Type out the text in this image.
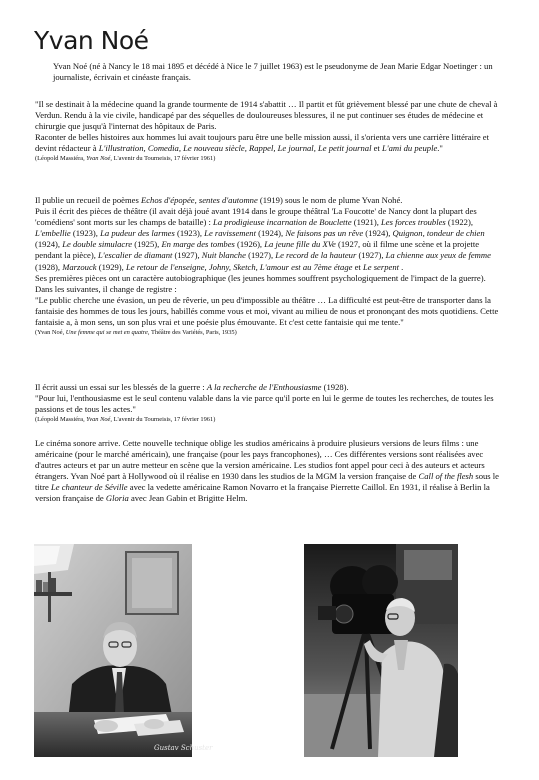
Yvan Noé

Yvan Noé (né à Nancy le 18 mai 1895 et décédé à Nice le 7 juillet 1963) est le pseudonyme de Jean Marie Edgar Noetinger : un journaliste, écrivain et cinéaste français.

"Il se destinait à la médecine quand la grande tourmente de 1914 s'abattit … Il partit et fût grièvement blessé par une chute de cheval à Verdun. Rendu à la vie civile, handicapé par des séquelles de douloureuses blessures, il ne put continuer ses études de médecine et chirurgie que jusqu'à l'internat des hôpitaux de Paris.

Raconter de belles histoires aux hommes lui avait toujours paru être une belle mission aussi, il s'orienta vers une carrière littéraire et devint rédacteur à L'illustration, Comedia, Le nouveau siècle, Rappel, Le journal, Le petit journal et L'ami du peuple."

(Léopold Massiéra, Yvan Noé, L'avenir du Tourneisis, 17 février 1961)

Il publie un recueil de poèmes Echos d'épopée, sentes d'automne (1919) sous le nom de plume Yvan Nohé.

Puis il écrit des pièces de théâtre (il avait déjà joué avant 1914 dans le groupe théâtral 'La Foucotte' de Nancy dont la plupart des 'comédiens' sont morts sur les champs de bataille) : La prodigieuse incarnation de Bouclette (1921), Les forces troubles (1922), L'embellie (1923), La pudeur des larmes (1923), Le ravissement (1924), Ne faisons pas un rêve (1924), Quignon, tondeur de chien (1924), Le double simulacre (1925), En marge des tombes (1926), La jeune fille du XVe (1927, où il filme une scène et la projette pendant la pièce), L'escalier de diamant (1927), Nuit blanche (1927), Le record de la hauteur (1927), La chienne aux yeux de femme (1928), Marzouck (1929), Le retour de l'enseigne, Johny, Sketch, L'amour est au 7ème étage et Le serpent .

Ses premières pièces ont un caractère autobiographique (les jeunes hommes souffrent psychologiquement de l'impact de la guerre). Dans les suivantes, il change de registre :

"Le public cherche une évasion, un peu de rêverie, un peu d'impossible au théâtre … La difficulté est peut-être de transporter dans la fantaisie des hommes de tous les jours, habillés comme vous et moi, vivant au milieu de nous et prononçant des mots quotidiens. Cette fantaisie a, à mon sens, un son plus vrai et une poésie plus émouvante. Et c'est cette fantaisie qui me tente."

(Yvan Noé, Une femme qui se met en quatre, Théâtre des Variétés, Paris, 1935)

Il écrit aussi un essai sur les blessés de la guerre : A la recherche de l'Enthousiasme (1928).

"Pour lui, l'enthousiasme est le seul contenu valable dans la vie parce qu'il porte en lui le germe de toutes les recherches, de toutes les passions et de tous les actes."

(Léopold Massiéra, Yvan Noé, L'avenir du Tourneisis, 17 février 1961)

Le cinéma sonore arrive. Cette nouvelle technique oblige les studios américains à produire plusieurs versions de leurs films : une américaine (pour le marché américain), une française (pour les pays francophones), … Ces différentes versions sont réalisées avec d'autres acteurs et par un autre metteur en scène que la version américaine. Les studios font appel pour ceci à des auteurs et acteurs étrangers. Yvan Noé part à Hollywood où il réalise en 1930 dans les studios de la MGM la version française de Call of the flesh sous le titre Le chanteur de Séville avec la vedette américaine Ramon Novarro et la française Pierrette Caillol. En 1931, il réalise à Berlin la version française de Gloria avec Jean Gabin et Brigitte Helm.

Gustav Schuster
